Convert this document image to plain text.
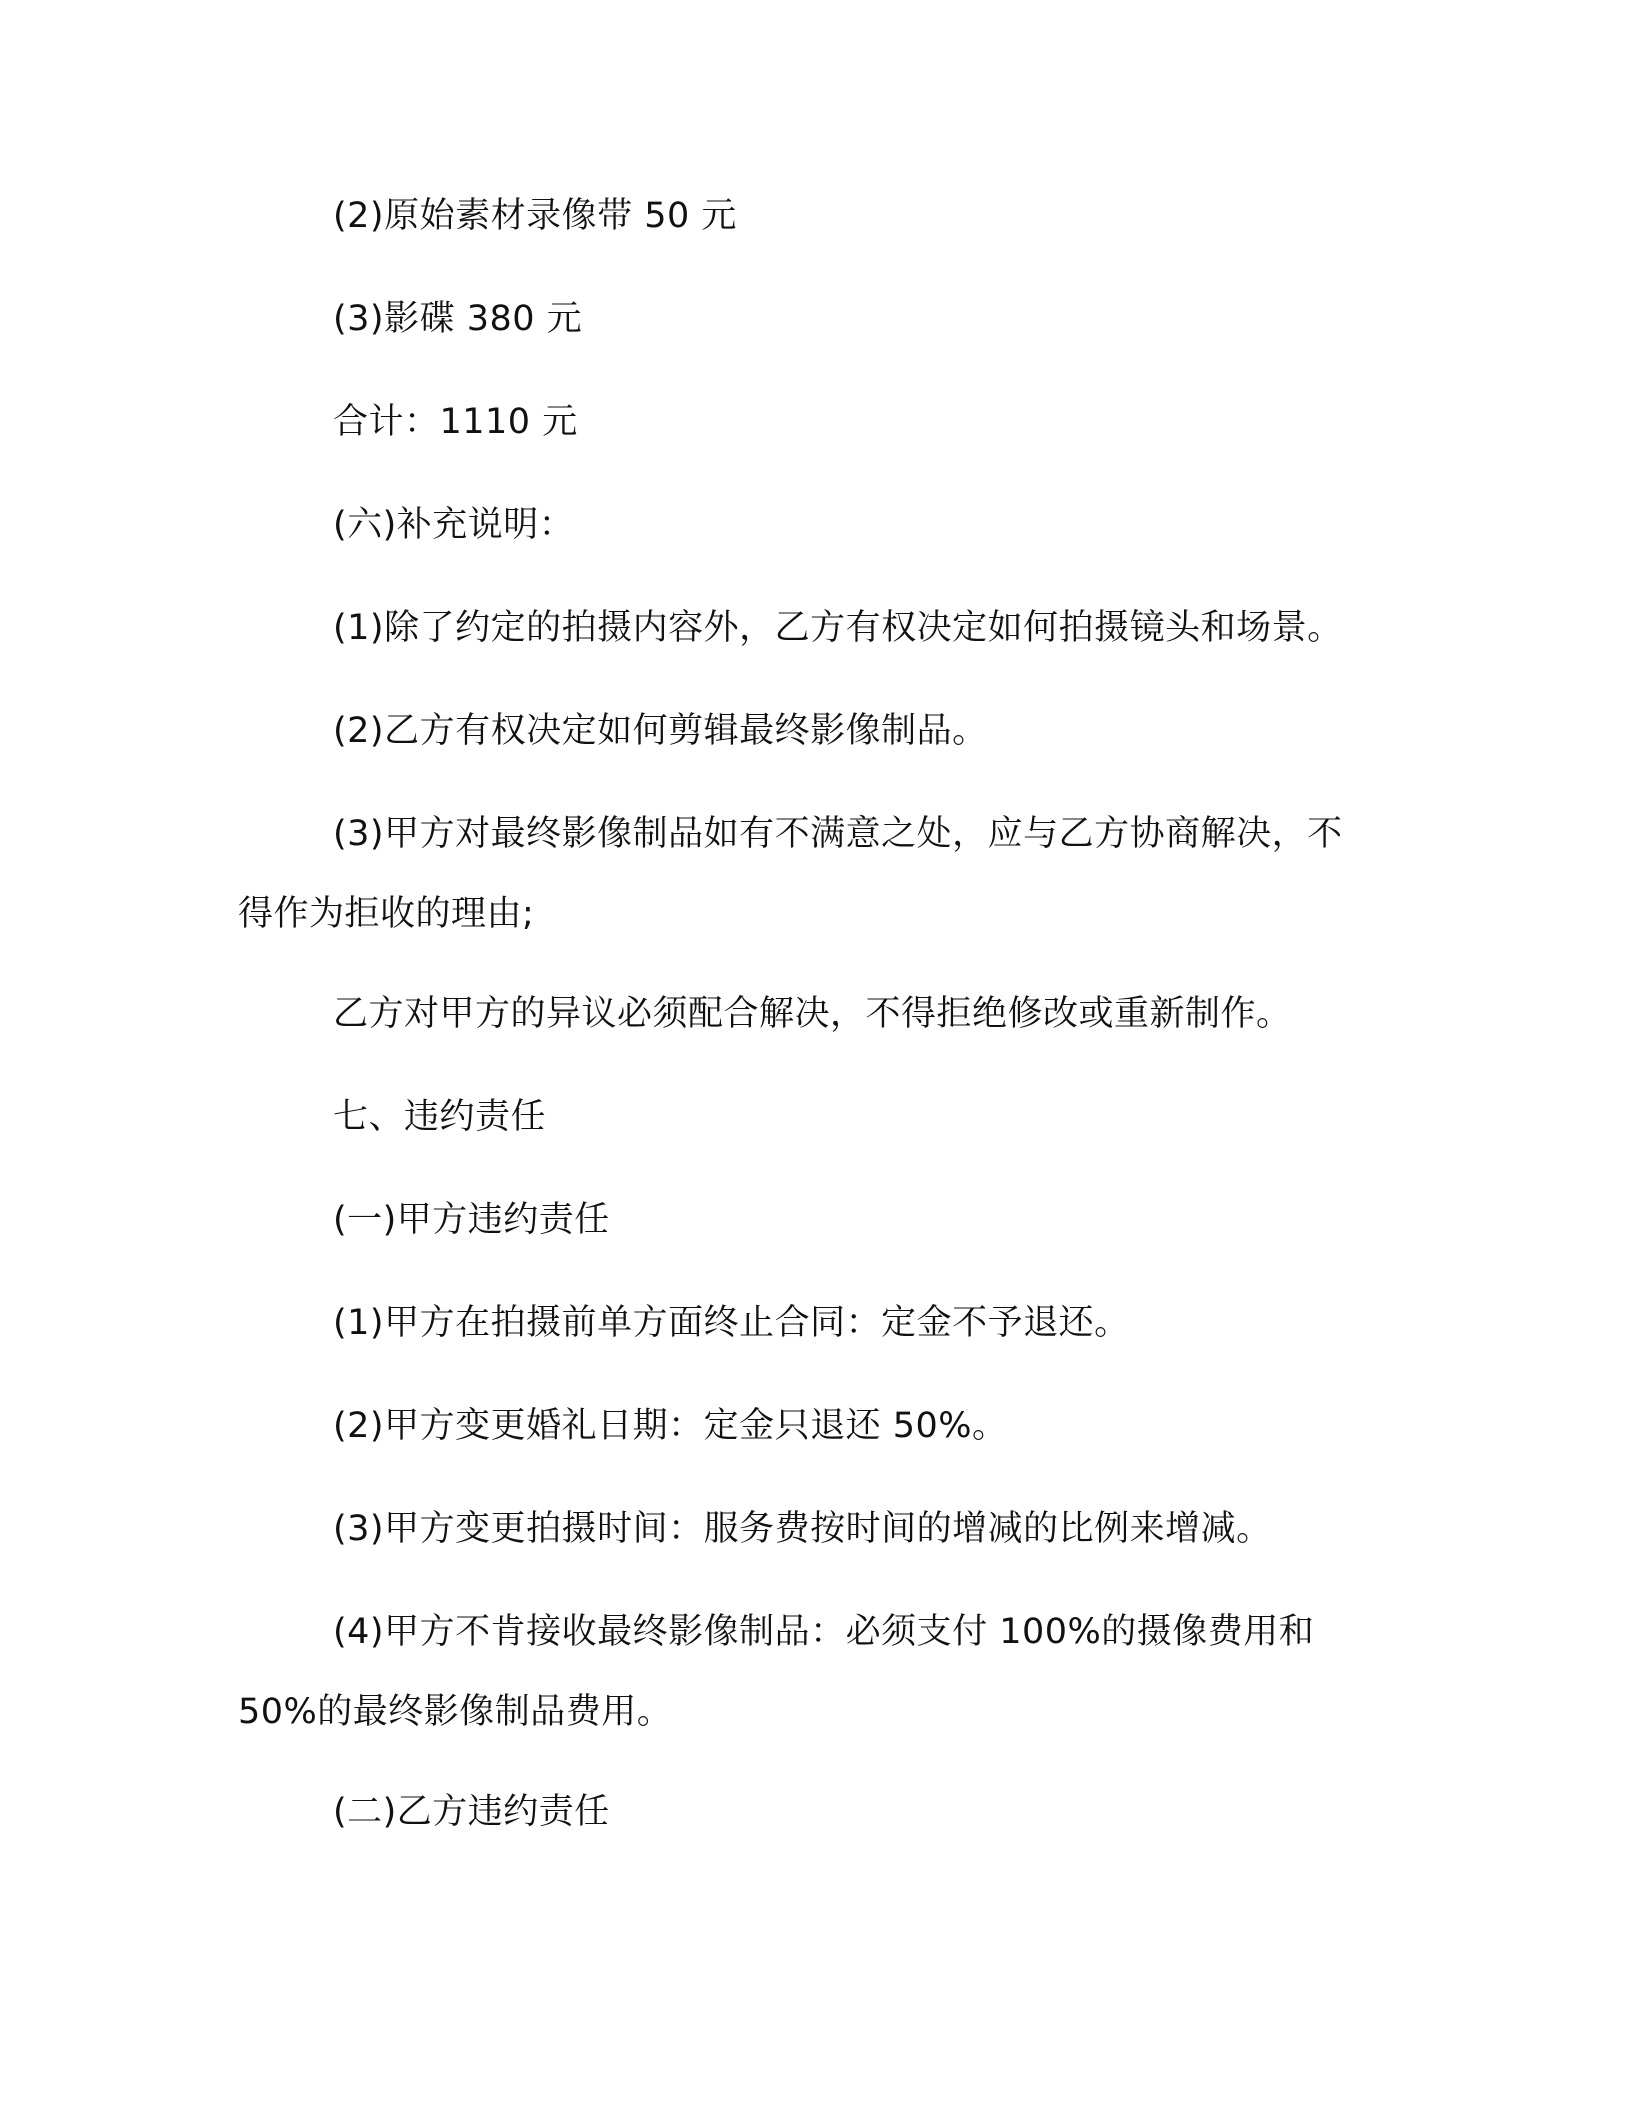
(2)原始素材录像带 50 元
(3)影碟 380 元
合计：1110 元
(六)补充说明：
(1)除了约定的拍摄内容外，乙方有权决定如何拍摄镜头和场景。
(2)乙方有权决定如何剪辑最终影像制品。
(3)甲方对最终影像制品如有不满意之处，应与乙方协商解决，不
得作为拒收的理由;
乙方对甲方的异议必须配合解决，不得拒绝修改或重新制作。
七、违约责任
(一)甲方违约责任
(1)甲方在拍摄前单方面终止合同：定金不予退还。
(2)甲方变更婚礼日期：定金只退还 50%。
(3)甲方变更拍摄时间：服务费按时间的增减的比例来增减。
(4)甲方不肯接收最终影像制品：必须支付 100%的摄像费用和
50%的最终影像制品费用。
(二)乙方违约责任
